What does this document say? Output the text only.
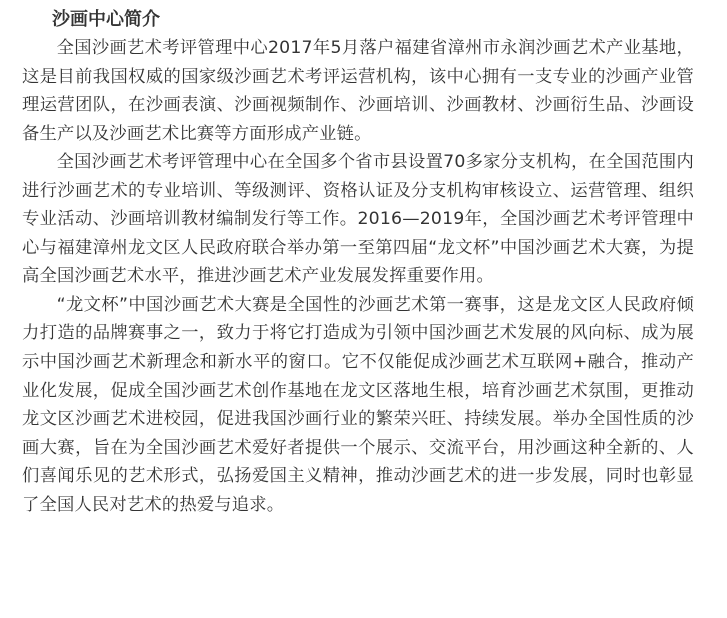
沙画中心简介

全国沙画艺术考评管理中心2017年5月落户福建省漳州市永润沙画艺术产业基地，这是目前我国权威的国家级沙画艺术考评运营机构，该中心拥有一支专业的沙画产业管理运营团队，在沙画表演、沙画视频制作、沙画培训、沙画教材、沙画衍生品、沙画设备生产以及沙画艺术比赛等方面形成产业链。

全国沙画艺术考评管理中心在全国多个省市县设置70多家分支机构，在全国范围内进行沙画艺术的专业培训、等级测评、资格认证及分支机构审核设立、运营管理、组织专业活动、沙画培训教材编制发行等工作。2016—2019年，全国沙画艺术考评管理中心与福建漳州龙文区人民政府联合举办第一至第四届“龙文杯”中国沙画艺术大赛，为提高全国沙画艺术水平，推进沙画艺术产业发展发挥重要作用。

“龙文杯”中国沙画艺术大赛是全国性的沙画艺术第一赛事，这是龙文区人民政府倾力打造的品牌赛事之一，致力于将它打造成为引领中国沙画艺术发展的风向标、成为展示中国沙画艺术新理念和新水平的窗口。它不仅能促成沙画艺术互联网+融合，推动产业化发展，促成全国沙画艺术创作基地在龙文区落地生根，培育沙画艺术氛围，更推动龙文区沙画艺术进校园，促进我国沙画行业的繁荣兴旺、持续发展。举办全国性质的沙画大赛，旨在为全国沙画艺术爱好者提供一个展示、交流平台，用沙画这种全新的、人们喜闻乐见的艺术形式，弘扬爱国主义精神，推动沙画艺术的进一步发展，同时也彰显了全国人民对艺术的热爱与追求。
